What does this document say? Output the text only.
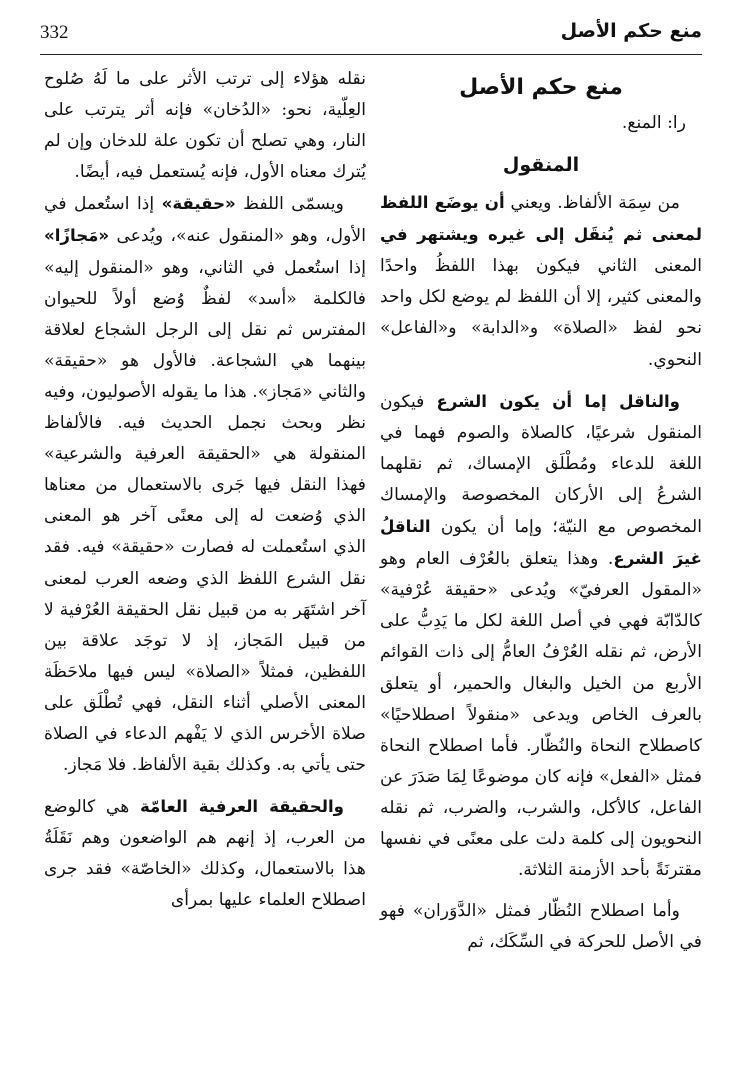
332	منع حكم الأصل
منع حكم الأصل

را: المنع.

المنقول

من سِمَة الألفاظ. ويعني أن يوضَع اللفظ لمعنى ثم يُنقَل إلى غيره ويشتهر في المعنى الثاني فيكون بهذا اللفظُ واحدًا والمعنى كثير، إلا أن اللفظ لم يوضع لكل واحد نحو لفظ «الصلاة» و«الدابة» و«الفاعل» النحوي.

والناقل إما أن يكون الشرع فيكون المنقول شرعيًا، كالصلاة والصوم فهما في اللغة للدعاء ومُطْلَق الإمساك، ثم نقلهما الشرعُ إلى الأركان المخصوصة والإمساك المخصوص مع النيّة؛ وإما أن يكون الناقلُ غيرَ الشرع. وهذا يتعلق بالعُرْف العام وهو «المقول العرفيّ» ويُدعى «حقيقة عُرْفية» كالدّابّة فهي في أصل اللغة لكل ما يَدِبُّ على الأرض، ثم نقله العُرْفُ العامُّ إلى ذات القوائم الأربع من الخيل والبغال والحمير، أو يتعلق بالعرف الخاص ويدعى «منقولاً اصطلاحيًا» كاصطلاح النحاة والنُظّار. فأما اصطلاح النحاة فمثل «الفعل» فإنه كان موضوعًا لِمَا صَدَرَ عن الفاعل، كالأكل، والشرب، والضرب، ثم نقله النحويون إلى كلمة دلت على معنًى في نفسها مقترنَةً بأحد الأزمنة الثلاثة.

وأما اصطلاح النُظّار فمثل «الدَّوَران» فهو في الأصل للحركة في السِّكَك، ثم

نقله هؤلاء إلى ترتب الأثر على ما لَهُ صُلوح العِلّية، نحو: «الدُخان» فإنه أثر يترتب على النار، وهي تصلح أن تكون علة للدخان وإن لم يُترك معناه الأول، فإنه يُستعمل فيه، أيضًا.

ويسمّى اللفظ «حقيقة» إذا استُعمل في الأول، وهو «المنقول عنه»، ويُدعى «مَجازًا» إذا استُعمل في الثاني، وهو «المنقول إليه» فالكلمة «أسد» لفظٌ وُضع أولاً للحيوان المفترس ثم نقل إلى الرجل الشجاع لعلاقة بينهما هي الشجاعة. فالأول هو «حقيقة» والثاني «مَجاز». هذا ما يقوله الأصوليون، وفيه نظر وبحث نجمل الحديث فيه. فالألفاظ المنقولة هي «الحقيقة العرفية والشرعية» فهذا النقل فيها جَرى بالاستعمال من معناها الذي وُضعت له إلى معنًى آخر هو المعنى الذي استُعملت له فصارت «حقيقة» فيه. فقد نقل الشرع اللفظ الذي وضعه العرب لمعنى آخر اشتَهَر به من قبيل نقل الحقيقة العُرْفية لا من قبيل المَجاز، إذ لا توجَد علاقة بين اللفظين، فمثلاً «الصلاة» ليس فيها ملاحَظَة المعنى الأصلي أثناء النقل، فهي تُطْلَق على صلاة الأخرس الذي لا يَفْهم الدعاء في الصلاة حتى يأتي به. وكذلك بقية الألفاظ. فلا مَجاز.

والحقيقة العرفية العامّة هي كالوضع من العرب، إذ إنهم هم الواضعون وهم نَقَلَةُ هذا بالاستعمال، وكذلك «الخاصّة» فقد جرى اصطلاح العلماء عليها بمرأى
